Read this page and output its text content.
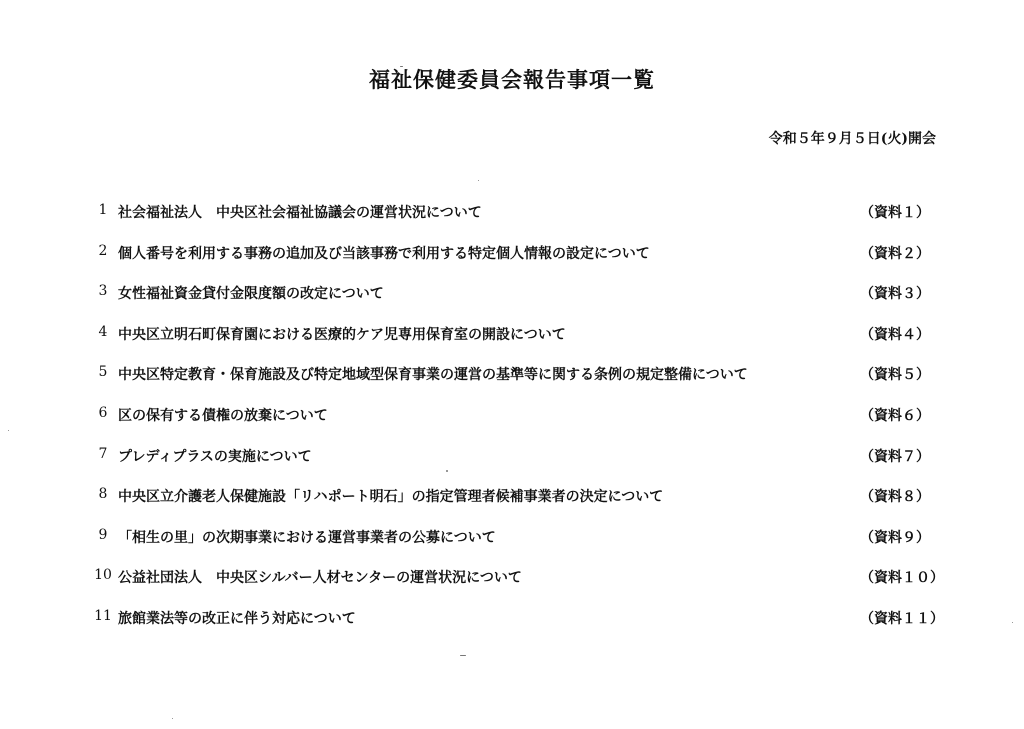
福祉保健委員会報告事項一覧
令和５年９月５日(火)開会
1 社会福祉法人　中央区社会福祉協議会の運営状況について	（資料１）
2 個人番号を利用する事務の追加及び当該事務で利用する特定個人情報の設定について	（資料２）
3 女性福祉資金貸付金限度額の改定について	（資料３）
4 中央区立明石町保育園における医療的ケア児専用保育室の開設について	（資料４）
5 中央区特定教育・保育施設及び特定地域型保育事業の運営の基準等に関する条例の規定整備について	（資料５）
6 区の保有する債権の放棄について	（資料６）
7 プレディプラスの実施について	（資料７）
8 中央区立介護老人保健施設「リハポート明石」の指定管理者候補事業者の決定について	（資料８）
9 「相生の里」の次期事業における運営事業者の公募について	（資料９）
10 公益社団法人　中央区シルバー人材センターの運営状況について	（資料１０）
11 旅館業法等の改正に伴う対応について	（資料１１）
